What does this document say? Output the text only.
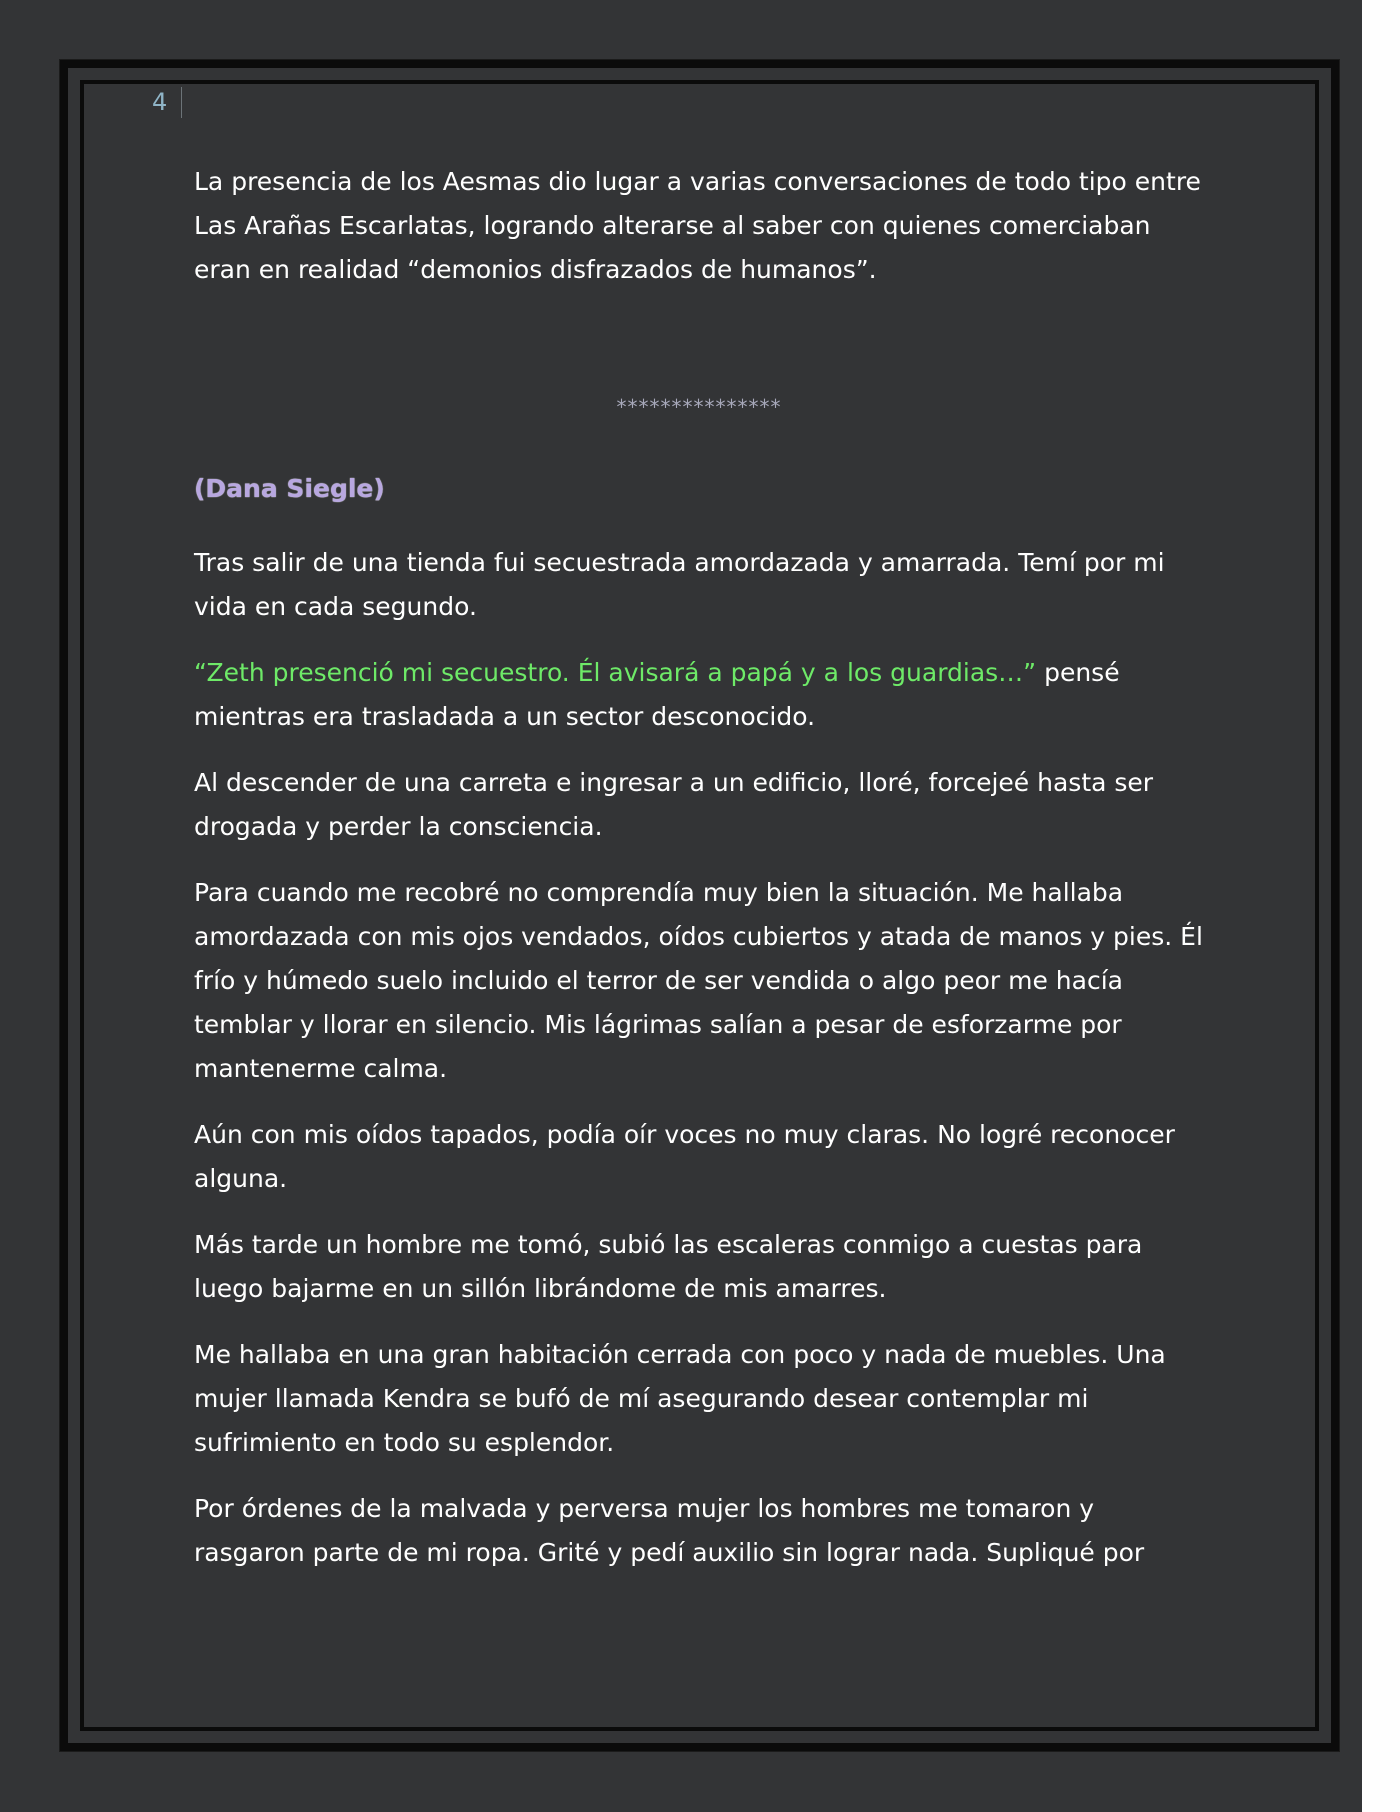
4

La presencia de los Aesmas dio lugar a varias conversaciones de todo tipo entre Las Arañas Escarlatas, logrando alterarse al saber con quienes comerciaban eran en realidad “demonios disfrazados de humanos”.

***************

(Dana Siegle)

Tras salir de una tienda fui secuestrada amordazada y amarrada. Temí por mi vida en cada segundo.

“Zeth presenció mi secuestro. Él avisará a papá y a los guardias…” pensé mientras era trasladada a un sector desconocido.

Al descender de una carreta e ingresar a un edificio, lloré, forcejeé hasta ser drogada y perder la consciencia.

Para cuando me recobré no comprendía muy bien la situación. Me hallaba amordazada con mis ojos vendados, oídos cubiertos y atada de manos y pies. Él frío y húmedo suelo incluido el terror de ser vendida o algo peor me hacía temblar y llorar en silencio. Mis lágrimas salían a pesar de esforzarme por mantenerme calma.

Aún con mis oídos tapados, podía oír voces no muy claras. No logré reconocer alguna.

Más tarde un hombre me tomó, subió las escaleras conmigo a cuestas para luego bajarme en un sillón librándome de mis amarres.

Me hallaba en una gran habitación cerrada con poco y nada de muebles. Una mujer llamada Kendra se bufó de mí asegurando desear contemplar mi sufrimiento en todo su esplendor.

Por órdenes de la malvada y perversa mujer los hombres me tomaron y rasgaron parte de mi ropa. Grité y pedí auxilio sin lograr nada. Supliqué por
